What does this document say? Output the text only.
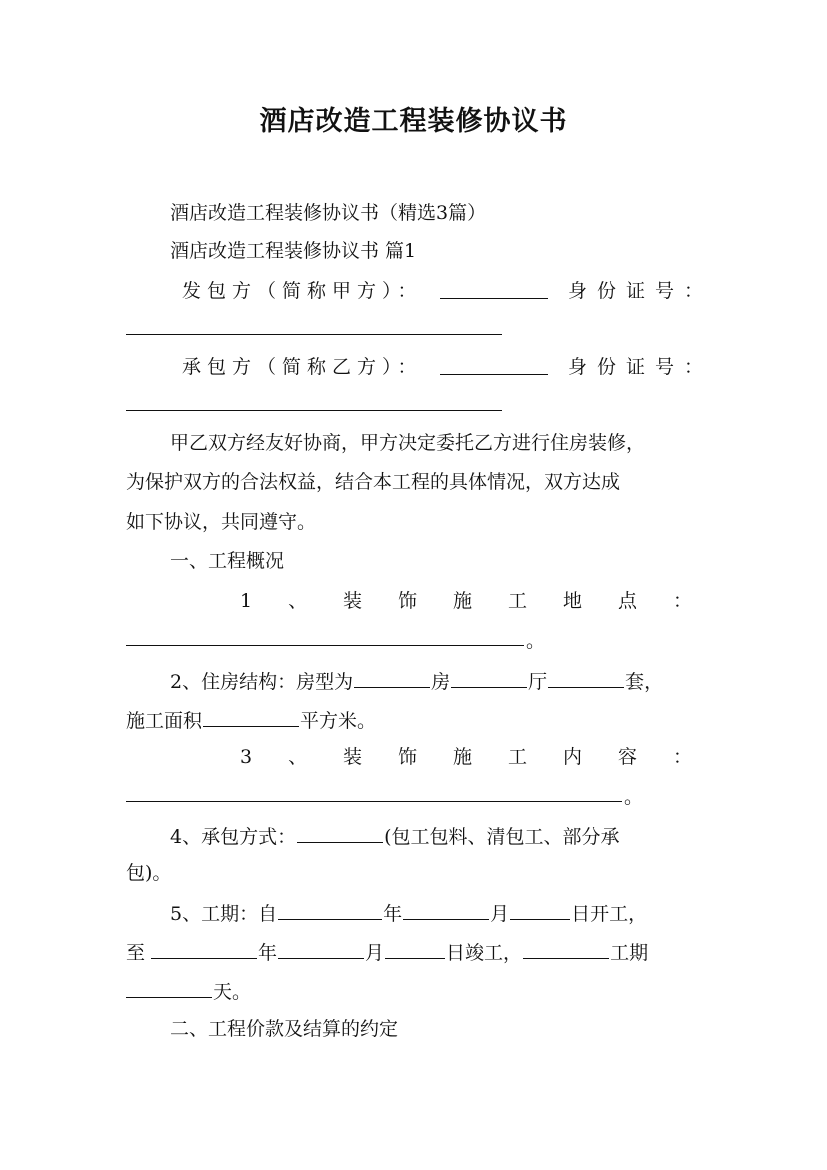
酒店改造工程装修协议书
酒店改造工程装修协议书（精选3篇）
酒店改造工程装修协议书 篇1
发包方（简称甲方）：	身份证号：
承包方（简称乙方）：	身份证号：
甲乙双方经友好协商，甲方决定委托乙方进行住房装修，
为保护双方的合法权益，结合本工程的具体情况，双方达成
如下协议，共同遵守。
一、工程概况
1 、 装 饰 施 工 地 点 ：
。
2、住房结构：房型为	房	厅	套，
施工面积	平方米。
3 、 装 饰 施 工 内 容 ：
。
4、承包方式：	(包工包料、清包工、部分承
包)。
5、工期：自	年	月	日开工，
至	年	月	日竣工，	工期
天。
二、工程价款及结算的约定
